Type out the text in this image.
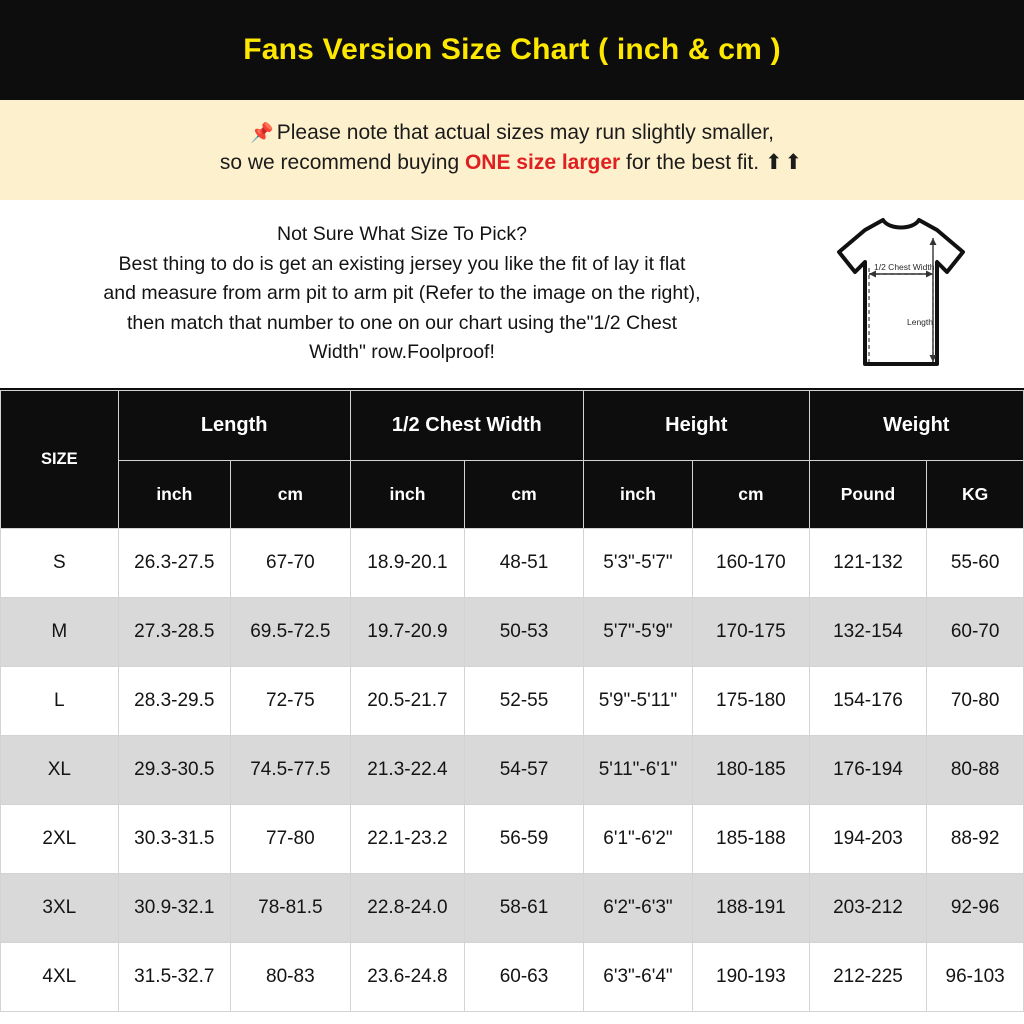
Fans Version Size Chart ( inch & cm )
📌 Please note that actual sizes may run slightly smaller,
so we recommend buying ONE size larger for the best fit. ⬆⬆
Not Sure What Size To Pick?
Best thing to do is get an existing jersey you like the fit of lay it flat
and measure from arm pit to arm pit (Refer to the image on the right),
then match that number to one on our chart using the"1/2 Chest
Width" row.Foolproof!
1/2 Chest Width
Length
SIZE	Length		1/2 Chest Width		Height		Weight	
	inch	cm	inch	cm	inch	cm	Pound	KG
S	26.3-27.5	67-70	18.9-20.1	48-51	5'3"-5'7"	160-170	121-132	55-60
M	27.3-28.5	69.5-72.5	19.7-20.9	50-53	5'7"-5'9"	170-175	132-154	60-70
L	28.3-29.5	72-75	20.5-21.7	52-55	5'9"-5'11"	175-180	154-176	70-80
XL	29.3-30.5	74.5-77.5	21.3-22.4	54-57	5'11"-6'1"	180-185	176-194	80-88
2XL	30.3-31.5	77-80	22.1-23.2	56-59	6'1"-6'2"	185-188	194-203	88-92
3XL	30.9-32.1	78-81.5	22.8-24.0	58-61	6'2"-6'3"	188-191	203-212	92-96
4XL	31.5-32.7	80-83	23.6-24.8	60-63	6'3"-6'4"	190-193	212-225	96-103
